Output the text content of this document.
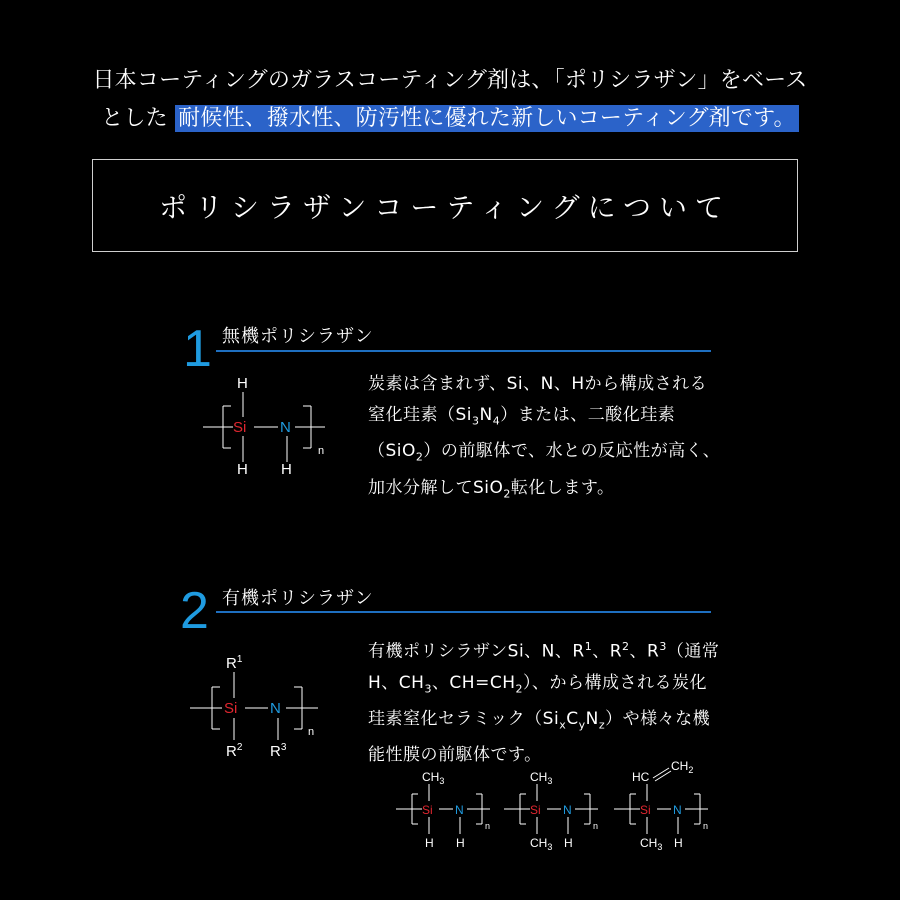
日本コーティングのガラスコーティング剤は、「ポリシラザン」をベース
とした 耐候性、撥水性、防汚性に優れた新しいコーティング剤です。
ポリシラザンコーティングについて
1 無機ポリシラザン
H
Si N
H H
n
炭素は含まれず、Si、N、Hから構成される
窒化珪素$(Si_3N_4)$または、二酸化珪素
（SiO$_2$）の前駆体で、水との反応性が高く、
加水分解してSiO$_2$転化します。
2 有機ポリシラザン
$R^1$
Si N
$R^2$ $R^3$
n
有機ポリシラザンSi、N、$R^1$、$R^2$、$R^3$（通常
H、$CH_3$、$CH=CH_2$）、から構成される炭化
珪素窒化セラミック$(Si_xC_yN_z)$や様々な機
能性膜の前駆体です。
$CH_3$
Si N
H H
n
$CH_3$
Si N
$CH_3$ H
n
HC
$CH_2$
Si N
$CH_3$ H
n
